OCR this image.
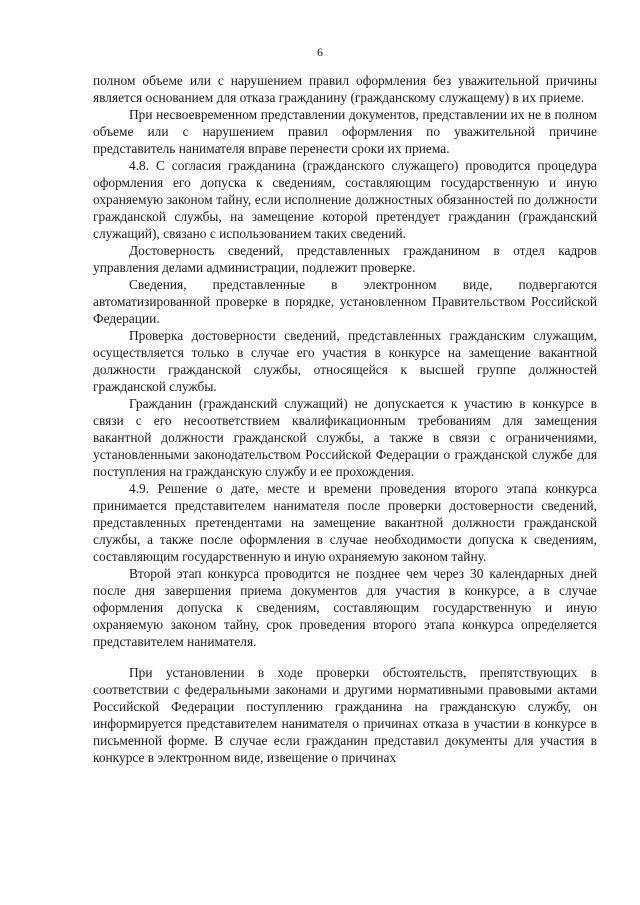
6

полном объеме или с нарушением правил оформления без уважительной причины является основанием для отказа гражданину (гражданскому служащему) в их приеме.

При несвоевременном представлении документов, представлении их не в полном объеме или с нарушением правил оформления по уважительной причине представитель нанимателя вправе перенести сроки их приема.

4.8. С согласия гражданина (гражданского служащего) проводится процедура оформления его допуска к сведениям, составляющим государственную и иную охраняемую законом тайну, если исполнение должностных обязанностей по должности гражданской службы, на замещение которой претендует гражданин (гражданский служащий), связано с использованием таких сведений.

Достоверность сведений, представленных гражданином в отдел кадров управления делами администрации, подлежит проверке.

Сведения, представленные в электронном виде, подвергаются автоматизированной проверке в порядке, установленном Правительством Российской Федерации.

Проверка достоверности сведений, представленных гражданским служащим, осуществляется только в случае его участия в конкурсе на замещение вакантной должности гражданской службы, относящейся к высшей группе должностей гражданской службы.

Гражданин (гражданский служащий) не допускается к участию в конкурсе в связи с его несоответствием квалификационным требованиям для замещения вакантной должности гражданской службы, а также в связи с ограничениями, установленными законодательством Российской Федерации о гражданской службе для поступления на гражданскую службу и ее прохождения.

4.9. Решение о дате, месте и времени проведения второго этапа конкурса принимается представителем нанимателя после проверки достоверности сведений, представленных претендентами на замещение вакантной должности гражданской службы, а также после оформления в случае необходимости допуска к сведениям, составляющим государственную и иную охраняемую законом тайну.

Второй этап конкурса проводится не позднее чем через 30 календарных дней после дня завершения приема документов для участия в конкурсе, а в случае оформления допуска к сведениям, составляющим государственную и иную охраняемую законом тайну, срок проведения второго этапа конкурса определяется представителем нанимателя.

При установлении в ходе проверки обстоятельств, препятствующих в соответствии с федеральными законами и другими нормативными правовыми актами Российской Федерации поступлению гражданина на гражданскую службу, он информируется представителем нанимателя о причинах отказа в участии в конкурсе в письменной форме. В случае если гражданин представил документы для участия в конкурсе в электронном виде, извещение о причинах
